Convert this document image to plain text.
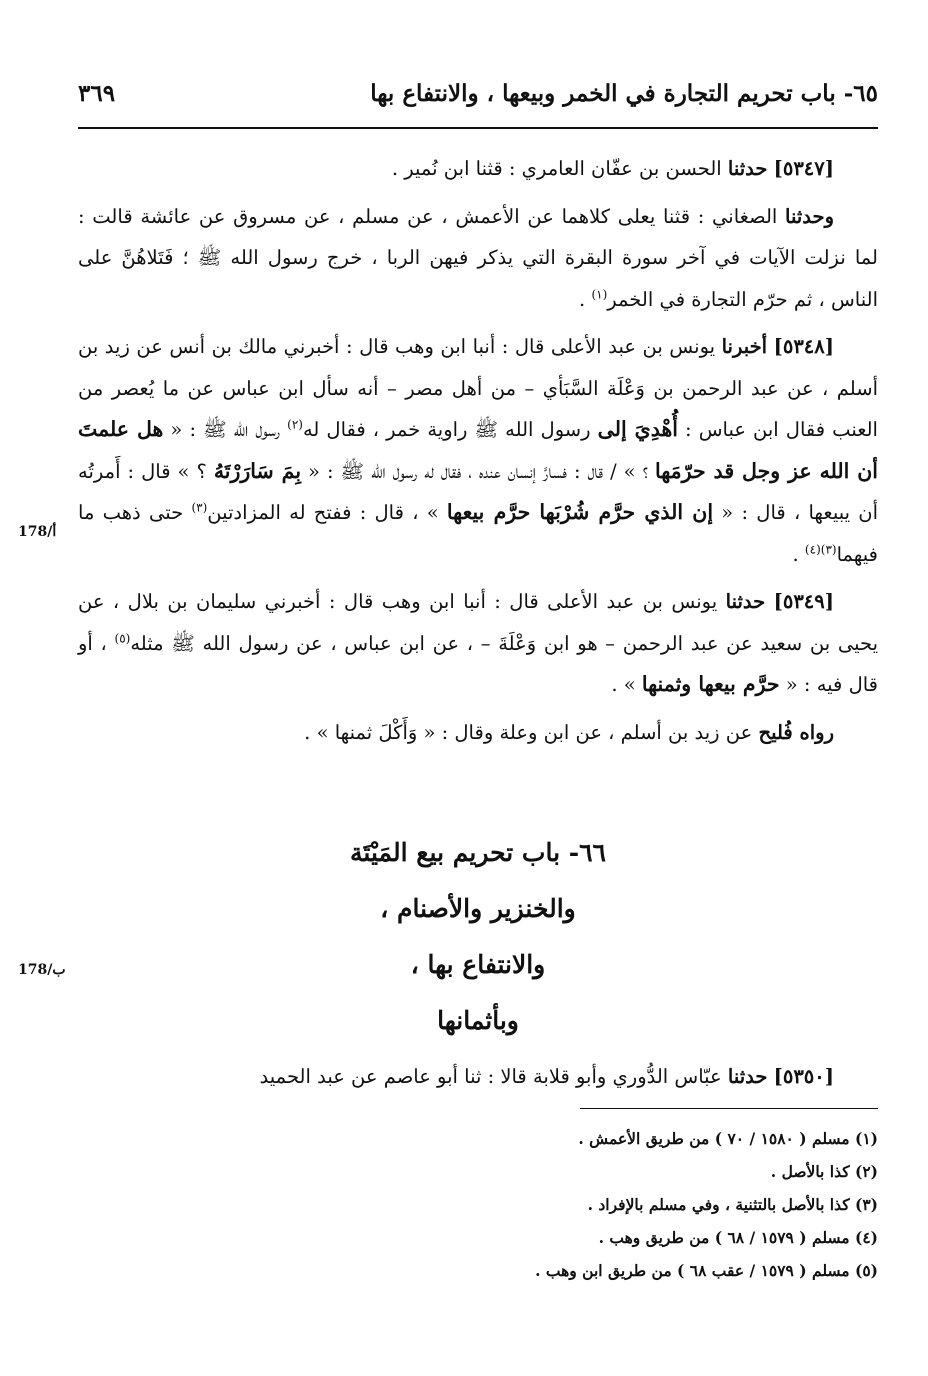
٦٥- باب تحريم التجارة في الخمر وبيعها ، والانتفاع بها
٣٦٩
178/أ
178/ب

[٥٣٤٧] حدثنا الحسن بن عفّان العامري : قثنا ابن نُمير .

وحدثنا الصغاني : قثنا يعلى كلاهما عن الأعمش ، عن مسلم ، عن مسروق عن عائشة قالت : لما نزلت الآيات في آخر سورة البقرة التي يذكر فيهن الربا ، خرج رسول الله ﷺ ؛ فَتَلاهُنَّ على الناس ، ثم حرّم التجارة في الخمر$^{(١)}$ .

[٥٣٤٨] أخبرنا يونس بن عبد الأعلى قال : أنبا ابن وهب قال : أخبرني مالك بن أنس عن زيد بن أسلم ، عن عبد الرحمن بن وَعْلَة السَّبَأي – من أهل مصر – أنه سأل ابن عباس عن ما يُعصر من العنب فقال ابن عباس : أُهْدِيَ إلى رسول الله ﷺ راوية خمر ، فقال له$^{(٢)}$ رسول الله ﷺ : « هل علمتَ أن الله عز وجل قد حرّمَها ؟ » / قال : فسارَّ إنسان عنده ، فقال له رسول الله ﷺ : « بِمَ سَارَرْتَهُ ؟ » قال : أَمرتُه أن يبيعها ، قال : « إن الذي حرَّم شُرْبَها حرَّم بيعها » ، قال : ففتح له المزادتين$^{(٣)}$ حتى ذهب ما فيهما$^{(٣)(٤)}$ .

[٥٣٤٩] حدثنا يونس بن عبد الأعلى قال : أنبا ابن وهب قال : أخبرني سليمان بن بلال ، عن يحيى بن سعيد عن عبد الرحمن – هو ابن وَعْلَةَ – ، عن ابن عباس ، عن رسول الله ﷺ مثله$^{(٥)}$ ، أو قال فيه : « حرَّم بيعها وثمنها » .

رواه فُليح عن زيد بن أسلم ، عن ابن وعلة وقال : « وَأَكْلَ ثمنها » .

٦٦- باب تحريم بيع المَيْتَة
والخنزير والأصنام ،
والانتفاع بها ،
وبأثمانها

[٥٣٥٠] حدثنا عبّاس الدُّوري وأبو قلابة قالا : ثنا أبو عاصم عن عبد الحميد

(١) مسلم ( ١٥٨٠ / ٧٠ ) من طريق الأعمش .

(٢) كذا بالأصل .

(٣) كذا بالأصل بالتثنية ، وفي مسلم بالإفراد .

(٤) مسلم ( ١٥٧٩ / ٦٨ ) من طريق وهب .

(٥) مسلم ( ١٥٧٩ / عقب ٦٨ ) من طريق ابن وهب .
